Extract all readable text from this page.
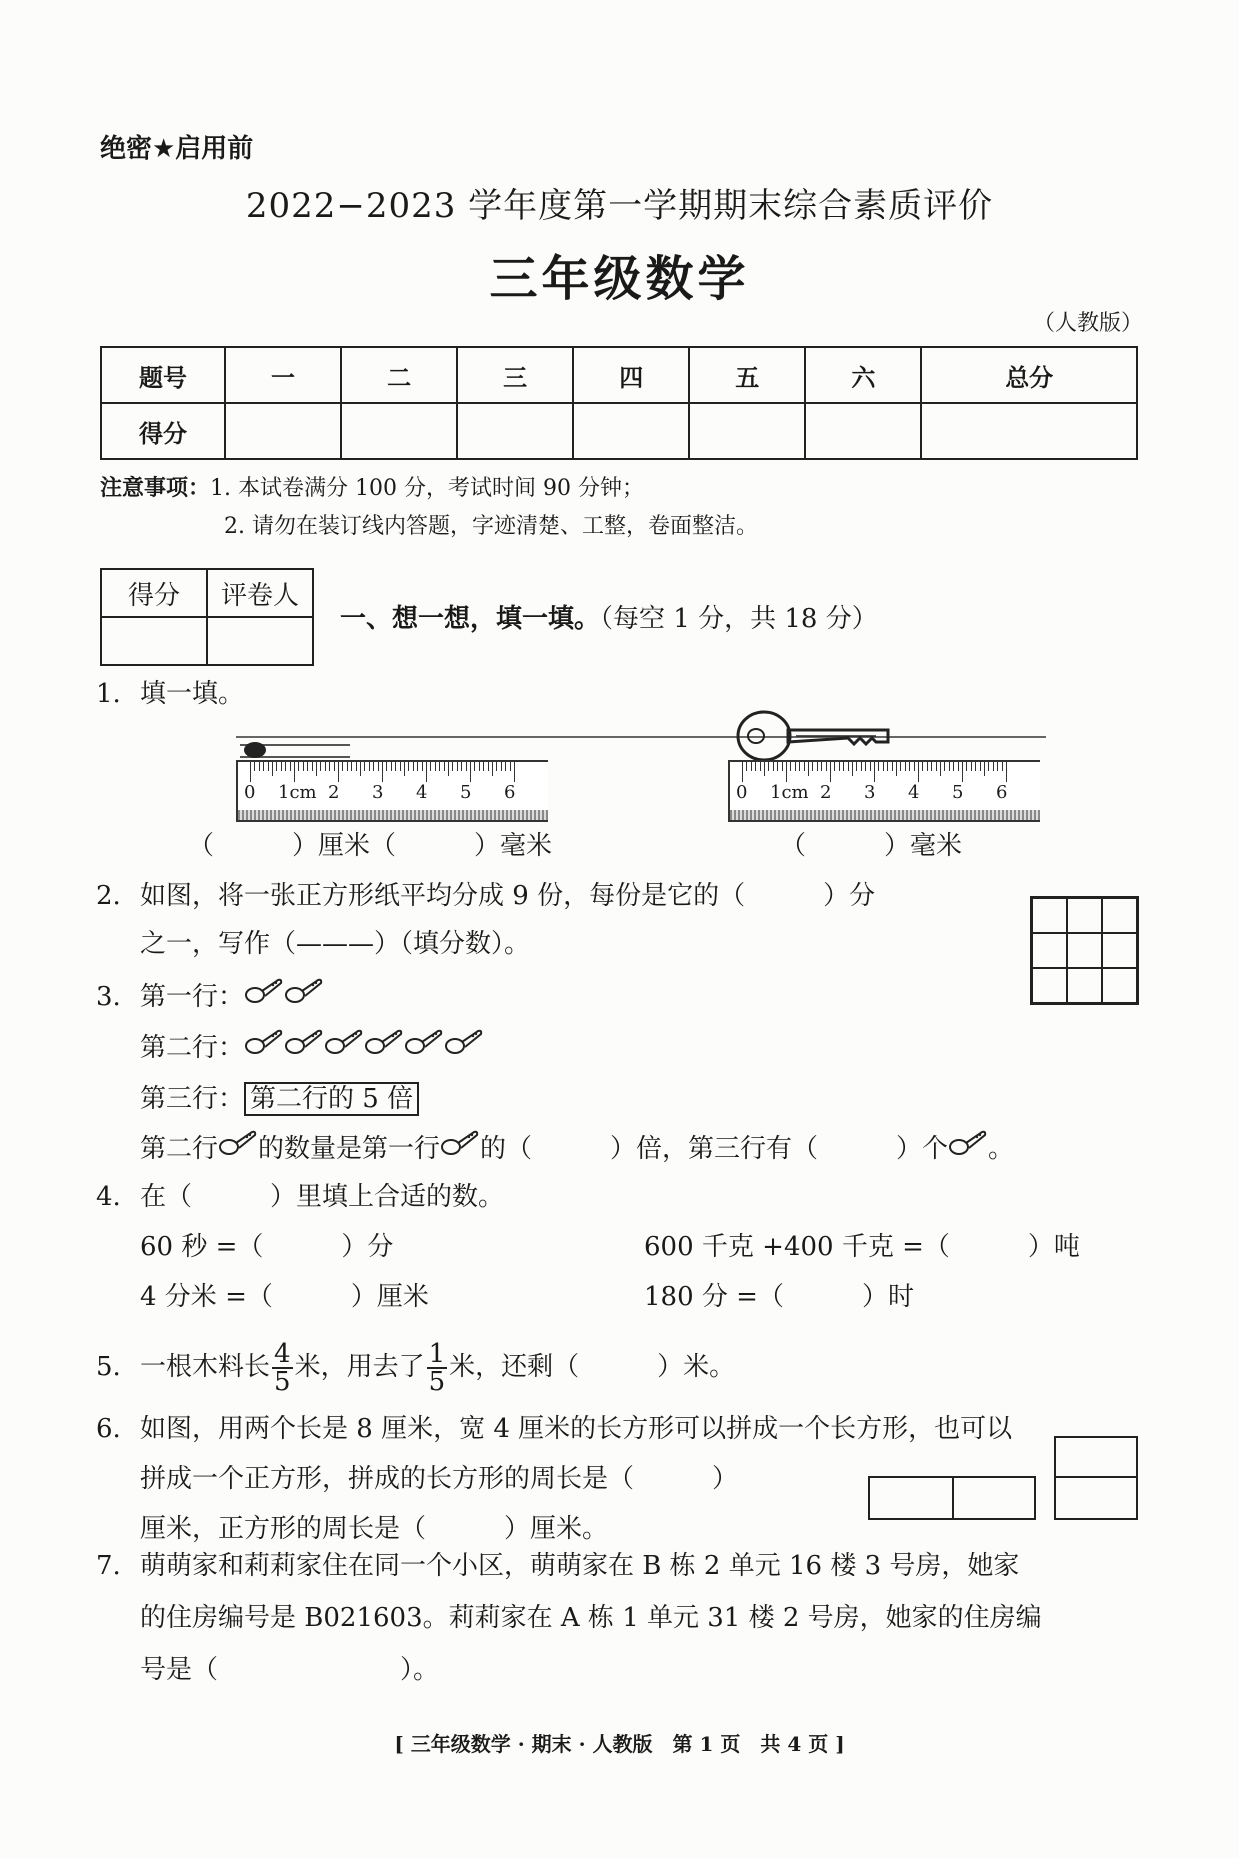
绝密★启用前
2022−2023 学年度第一学期期末综合素质评价
三年级数学
（人教版）
题号	一	二	三	四	五	六	总分
得分							
注意事项：1. 本试卷满分 100 分，考试时间 90 分钟；
2. 请勿在装订线内答题，字迹清楚、工整，卷面整洁。
得分	评卷人

一、想一想，填一填。（每空 1 分，共 18 分）
1. 填一填。
0 1cm 2 3 4 5 6	0 1cm 2 3 4 5 6
（　　　）厘米（　　　）毫米	（　　　）毫米
2. 如图，将一张正方形纸平均分成 9 份，每份是它的（　　　）分
之一，写作（———）（填分数）。
3. 第一行：
第二行：
第三行： 第二行的 5 倍
第二行 的数量是第一行 的（　　　）倍，第三行有（　　　）个 。
4. 在（　　　）里填上合适的数。
60 秒 =（　　　）分
4 分米 =（　　　）厘米
600 千克 +400 千克 =（　　　）吨
180 分 =（　　　）时
5. 一根木料长 $\frac{4}{5}$ 米，用去了 $\frac{1}{5}$ 米，还剩（　　　）米。
6. 如图，用两个长是 8 厘米，宽 4 厘米的长方形可以拼成一个长方形，也可以
拼成一个正方形，拼成的长方形的周长是（　　　）
厘米，正方形的周长是（　　　）厘米。
7. 萌萌家和莉莉家住在同一个小区，萌萌家在 B 栋 2 单元 16 楼 3 号房，她家
的住房编号是 B021603。莉莉家在 A 栋 1 单元 31 楼 2 号房，她家的住房编
号是（　　　　　　　）。
[ 三年级数学 · 期末 · 人教版　第 1 页　共 4 页 ]
